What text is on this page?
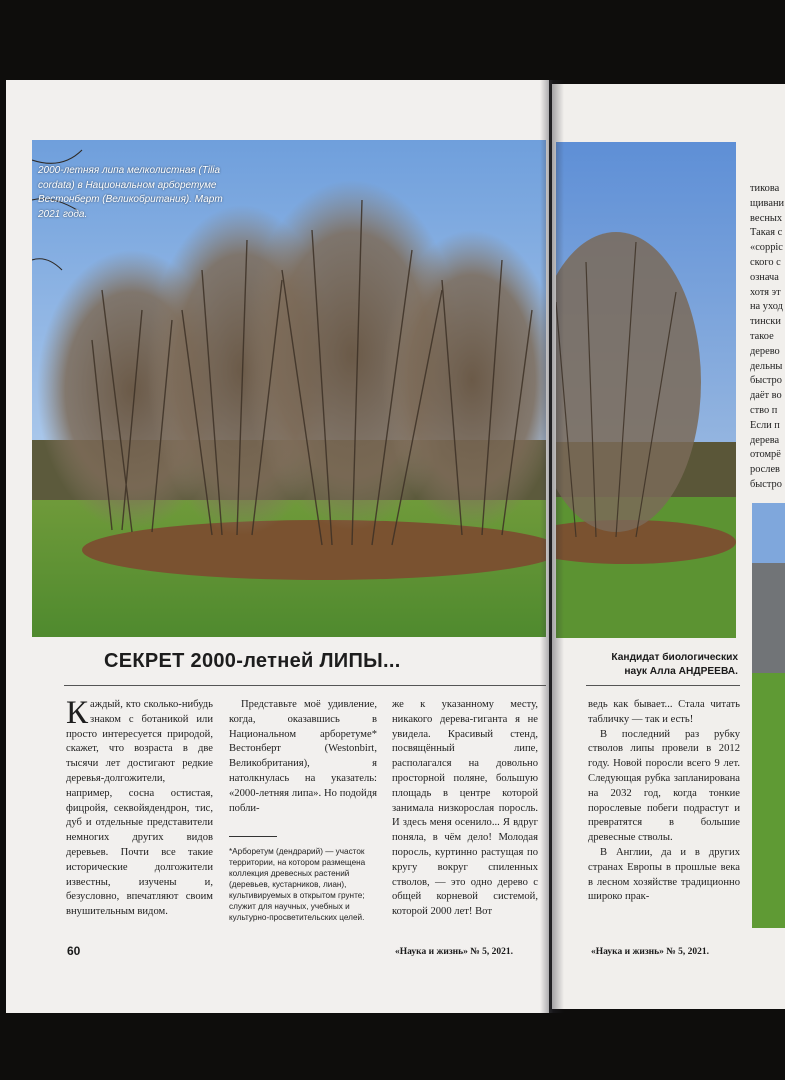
2000-летняя липа мелколистная (Tilia cordata) в Национальном арборетуме Вестонберт (Великобритания). Март 2021 года.
тикова
щивани
весных
Такая с
«coppic
ского с
означа
хотя эт
на уход
тински
такое
дерево
дельны
быстро
даёт во
ство п
Если п
дерева
отомрё
рослев
быстро
СЕКРЕТ 2000-летней ЛИПЫ...	Кандидат биологических
наук Алла АНДРЕЕВА.

Каждый, кто сколько-нибудь знаком с ботаникой или просто интересуется природой, скажет, что возраста в две тысячи лет достигают редкие деревья-долгожители, например, сосна остистая, фицройя, секвойядендрон, тис, дуб и отдельные представители немногих других видов деревьев. Почти все такие исторические долгожители известны, изучены и, безусловно, впечатляют своим внушительным видом.

Представьте моё удивление, когда, оказавшись в Национальном арборетуме* Вестонберт (Westonbirt, Великобритания), я натолкнулась на указатель: «2000-летняя липа». Но подойдя побли-

*Арборетум (дендрарий) — участок территории, на котором размещена коллекция древесных растений (деревьев, кустарников, лиан), культивируемых в открытом грунте; служит для научных, учебных и культурно-просветительских целей.

же к указанному месту, никакого дерева-гиганта я не увидела. Красивый стенд, посвящённый липе, располагался на довольно просторной поляне, большую площадь в центре которой занимала низкорослая поросль. И здесь меня осенило... Я вдруг поняла, в чём дело! Молодая поросль, куртинно растущая по кругу вокруг спиленных стволов, — это одно дерево с общей корневой системой, которой 2000 лет! Вот

ведь как бывает... Стала читать табличку — так и есть!

В последний раз рубку стволов липы провели в 2012 году. Новой поросли всего 9 лет. Следующая рубка запланирована на 2032 год, когда тонкие порослевые побеги подрастут и превратятся в большие древесные стволы.

В Англии, да и в других странах Европы в прошлые века в лесном хозяйстве традиционно широко прак-

60	«Наука и жизнь» № 5, 2021.	«Наука и жизнь» № 5, 2021.
